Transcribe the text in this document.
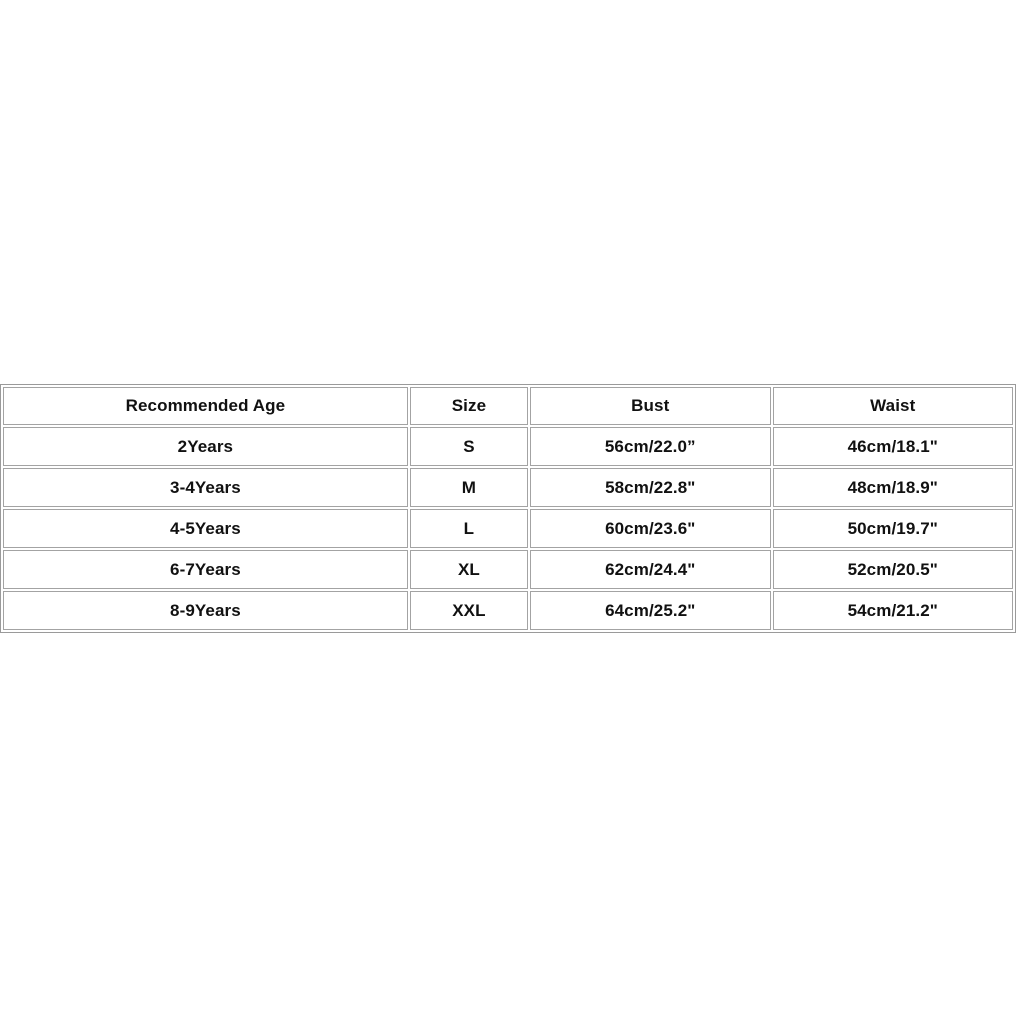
Recommended Age	Size	Bust	Waist
2Years	S	56cm/22.0”	46cm/18.1"
3-4Years	M	58cm/22.8"	48cm/18.9"
4-5Years	L	60cm/23.6"	50cm/19.7"
6-7Years	XL	62cm/24.4"	52cm/20.5"
8-9Years	XXL	64cm/25.2"	54cm/21.2"
